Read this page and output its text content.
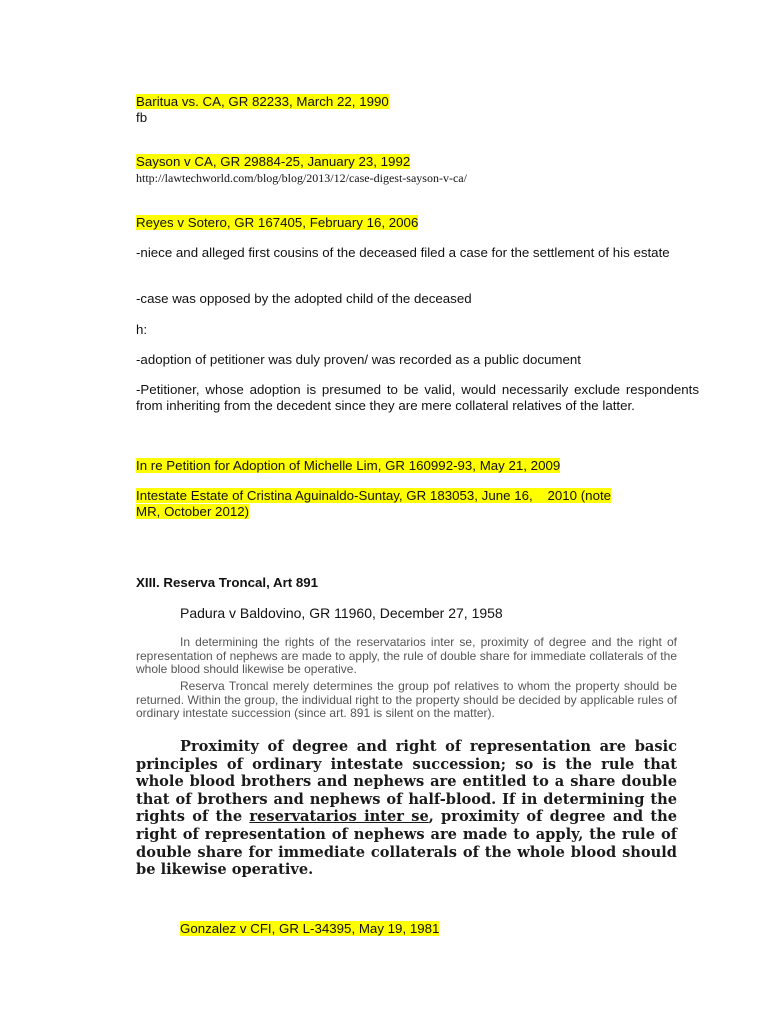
Baritua vs. CA, GR 82233, March 22, 1990
fb
Sayson v CA, GR 29884-25, January 23, 1992
http://lawtechworld.com/blog/blog/2013/12/case-digest-sayson-v-ca/
Reyes v Sotero, GR 167405, February 16, 2006
-niece and alleged first cousins of the deceased filed a case for the settlement of his estate
-case was opposed by the adopted child of the deceased
h:
-adoption of petitioner was duly proven/ was recorded as a public document
-Petitioner, whose adoption is presumed to be valid, would necessarily exclude respondents from inheriting from the decedent since they are mere collateral relatives of the latter.
In re Petition for Adoption of Michelle Lim, GR 160992-93, May 21, 2009
Intestate Estate of Cristina Aguinaldo-Suntay, GR 183053, June 16,    2010 (note
MR, October 2012)
XIII. Reserva Troncal, Art 891
Padura v Baldovino, GR 11960, December 27, 1958
In determining the rights of the reservatarios inter se, proximity of degree and the right of representation of nephews are made to apply, the rule of double share for immediate collaterals of the whole blood should likewise be operative.
Reserva Troncal merely determines the group pof relatives to whom the property should be returned. Within the group, the individual right to the property should be decided by applicable rules of ordinary intestate succession (since art. 891 is silent on the matter).
Proximity of degree and right of representation are basic principles of ordinary intestate succession; so is the rule that whole blood brothers and nephews are entitled to a share double that of brothers and nephews of half-blood. If in determining the rights of the reservatarios inter se, proximity of degree and the right of representation of nephews are made to apply, the rule of double share for immediate collaterals of the whole blood should be likewise operative.
Gonzalez v CFI, GR L-34395, May 19, 1981
